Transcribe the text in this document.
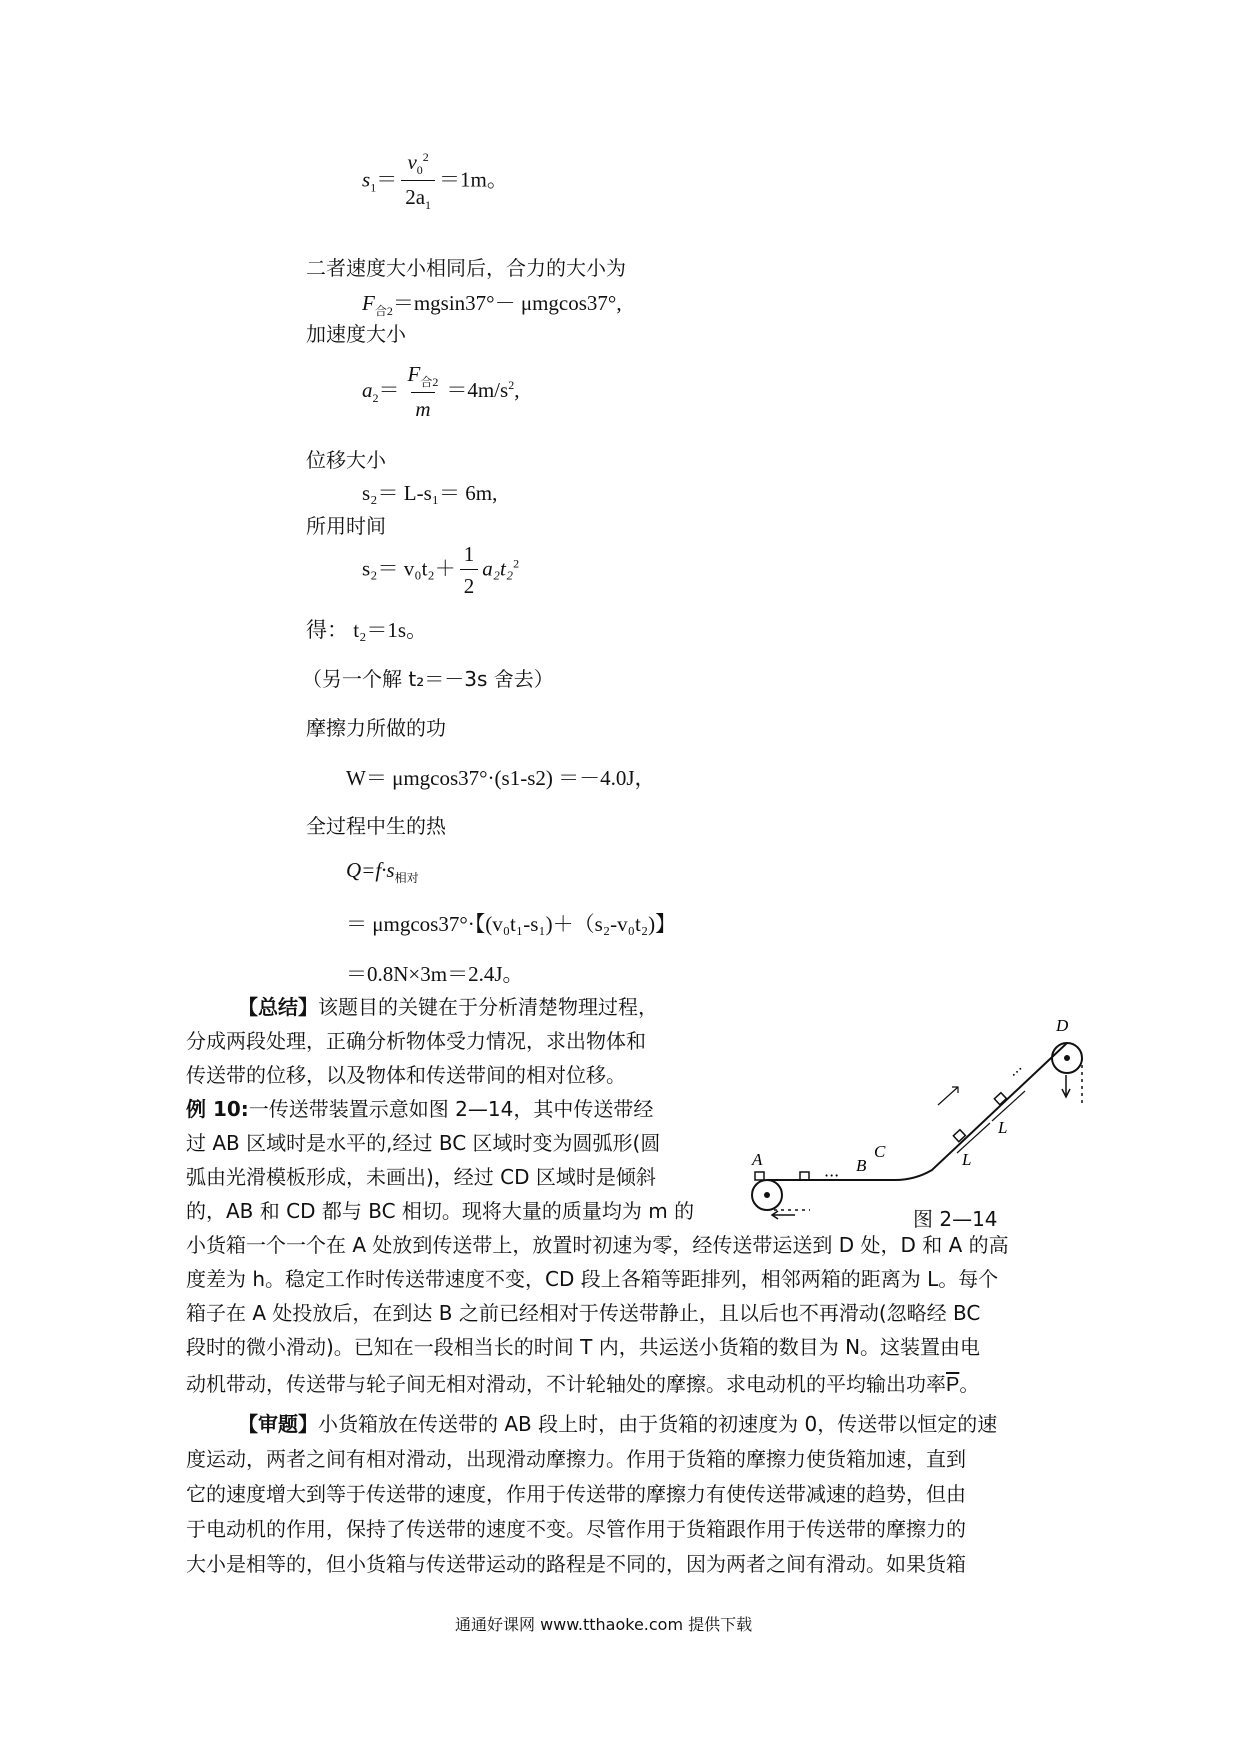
$s_1= \frac{v_0^2}{2a_1} =1m$。
二者速度大小相同后，合力的大小为
$F_{合2}=mgsin37^\circ- \mu mgcos37^\circ$,
加速度大小
$a_2= \frac{F_{合2}}{m} =4m/s^2$,
位移大小
s₂＝ L-s₁＝ 6m,
所用时间
$s_2= v_0t_2+ \frac{1}{2} a_2t_2^2$
得： t₂＝1s。
（另一个解 t₂＝－3s 舍去）
摩擦力所做的功
W＝ μmgcos37°·(s1-s2) ＝－4.0J，
全过程中生的热
$Q=f\cdot s_{相对}$
＝ μmgcos37°·【(v₀t₁-s₁)＋（s₂-v₀t₂)】
＝0.8N×3m＝2.4J。
【总结】该题目的关键在于分析清楚物理过程，
分成两段处理，正确分析物体受力情况，求出物体和
传送带的位移，以及物体和传送带间的相对位移。
例 10:一传送带装置示意如图 2—14，其中传送带经
过 AB 区域时是水平的,经过 BC 区域时变为圆弧形(圆
弧由光滑模板形成，未画出)，经过 CD 区域时是倾斜
的，AB 和 CD 都与 BC 相切。现将大量的质量均为 m 的
小货箱一个一个在 A 处放到传送带上，放置时初速为零，经传送带运送到 D 处，D 和 A 的高
度差为 h。稳定工作时传送带速度不变，CD 段上各箱等距排列，相邻两箱的距离为 L。每个
箱子在 A 处投放后，在到达 B 之前已经相对于传送带静止，且以后也不再滑动(忽略经 BC
段时的微小滑动)。已知在一段相当长的时间 T 内，共运送小货箱的数目为 N。这装置由电
动机带动，传送带与轮子间无相对滑动，不计轮轴处的摩擦。求电动机的平均输出功率$\overline{P}$。
···
···
A	B
C
D
L
L
图 2—14
【审题】小货箱放在传送带的 AB 段上时，由于货箱的初速度为 0，传送带以恒定的速
度运动，两者之间有相对滑动，出现滑动摩擦力。作用于货箱的摩擦力使货箱加速，直到
它的速度增大到等于传送带的速度，作用于传送带的摩擦力有使传送带减速的趋势，但由
于电动机的作用，保持了传送带的速度不变。尽管作用于货箱跟作用于传送带的摩擦力的
大小是相等的，但小货箱与传送带运动的路程是不同的，因为两者之间有滑动。如果货箱
通通好课网 www.tthaoke.com 提供下载
